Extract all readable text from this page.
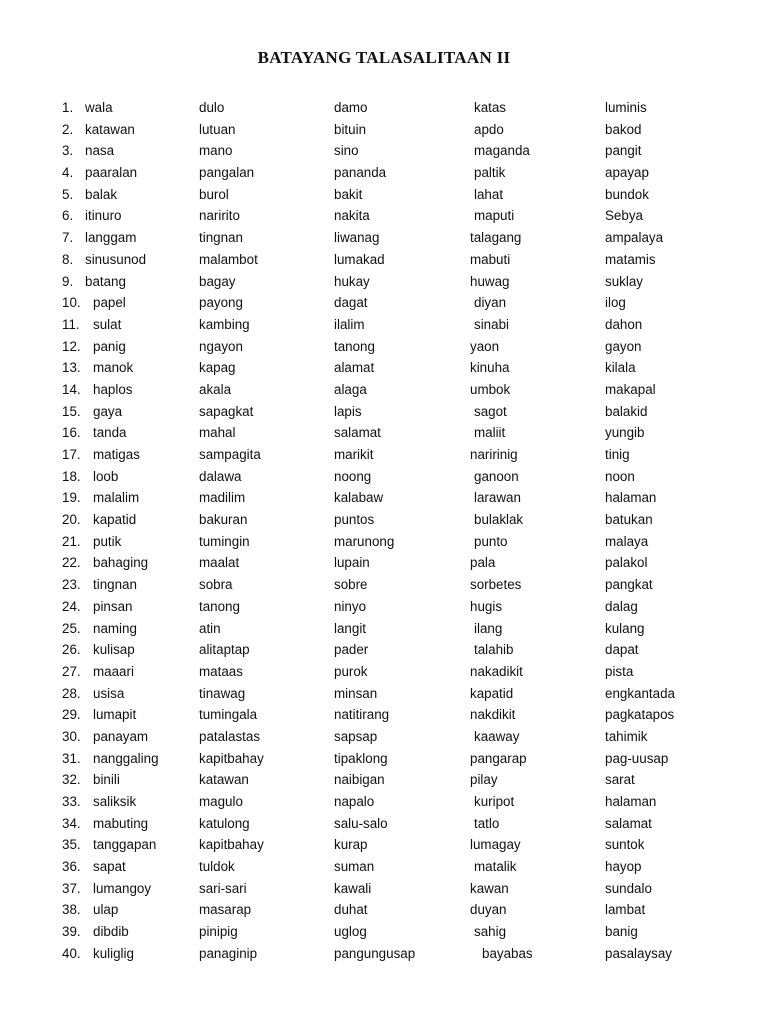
BATAYANG TALASALITAAN II
1. wala	dulo	damo	katas	luminis
2. katawan	lutuan	bituin	apdo	bakod
3. nasa	mano	sino	maganda	pangit
4. paaralan	pangalan	pananda	paltik	apayap
5. balak	burol	bakit	lahat	bundok
6. itinuro	naririto	nakita	maputi	Sebya
7. langgam	tingnan	liwanag	talagang	ampalaya
8. sinusunod	malambot	lumakad	mabuti	matamis
9. batang	bagay	hukay	huwag	suklay
10. papel	payong	dagat	diyan	ilog
11. sulat	kambing	ilalim	sinabi	dahon
12. panig	ngayon	tanong	yaon	gayon
13. manok	kapag	alamat	kinuha	kilala
14. haplos	akala	alaga	umbok	makapal
15. gaya	sapagkat	lapis	sagot	balakid
16. tanda	mahal	salamat	maliit	yungib
17. matigas	sampagita	marikit	naririnig	tinig
18. loob	dalawa	noong	ganoon	noon
19. malalim	madilim	kalabaw	larawan	halaman
20. kapatid	bakuran	puntos	bulaklak	batukan
21. putik	tumingin	marunong	punto	malaya
22. bahaging	maalat	lupain	pala	palakol
23. tingnan	sobra	sobre	sorbetes	pangkat
24. pinsan	tanong	ninyo	hugis	dalag
25. naming	atin	langit	ilang	kulang
26. kulisap	alitaptap	pader	talahib	dapat
27. maaari	mataas	purok	nakadikit	pista
28. usisa	tinawag	minsan	kapatid	engkantada
29. lumapit	tumingala	natitirang	nakdikit	pagkatapos
30. panayam	patalastas	sapsap	kaaway	tahimik
31. nanggaling	kapitbahay	tipaklong	pangarap	pag-uusap
32. binili	katawan	naibigan	pilay	sarat
33. saliksik	magulo	napalo	kuripot	halaman
34. mabuting	katulong	salu-salo	tatlo	salamat
35. tanggapan	kapitbahay	kurap	lumagay	suntok
36. sapat	tuldok	suman	matalik	hayop
37. lumangoy	sari-sari	kawali	kawan	sundalo
38. ulap	masarap	duhat	duyan	lambat
39. dibdib	pinipig	uglog	sahig	banig
40. kuliglig	panaginip	pangungusap	bayabas	pasalaysay
